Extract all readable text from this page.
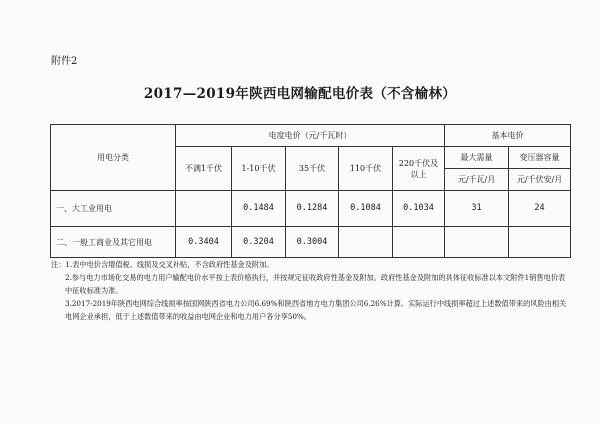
附件2
2017—2019年陕西电网输配电价表（不含榆林）
用电分类	电度电价（元/千瓦时）					基本电价	
	不满1千伏	1-10千伏	35千伏	110千伏	220千伏及以上	最大需量	变压器容量
						元/千瓦/月	元/千伏安/月
一、大工业用电		0.1484	0.1284	0.1084	0.1034	31	24
二、一般工商业及其它用电	0.3404	0.3204	0.3004				

注：1.表中电价含增值税、线损及交叉补贴，不含政府性基金及附加。

2.参与电力市场化交易的电力用户输配电价水平按上表价格执行，并按规定征收政府性基金及附加。政府性基金及附加的具体征收标准以本文附件1销售电价表中征收标准为准。

3.2017-2019年陕西电网综合线损率按国网陕西省电力公司6.69%和陕西省地方电力集团公司6.26%计算。实际运行中线损率超过上述数值带来的风险由相关电网企业承担，低于上述数值带来的收益由电网企业和电力用户各分享50%。
